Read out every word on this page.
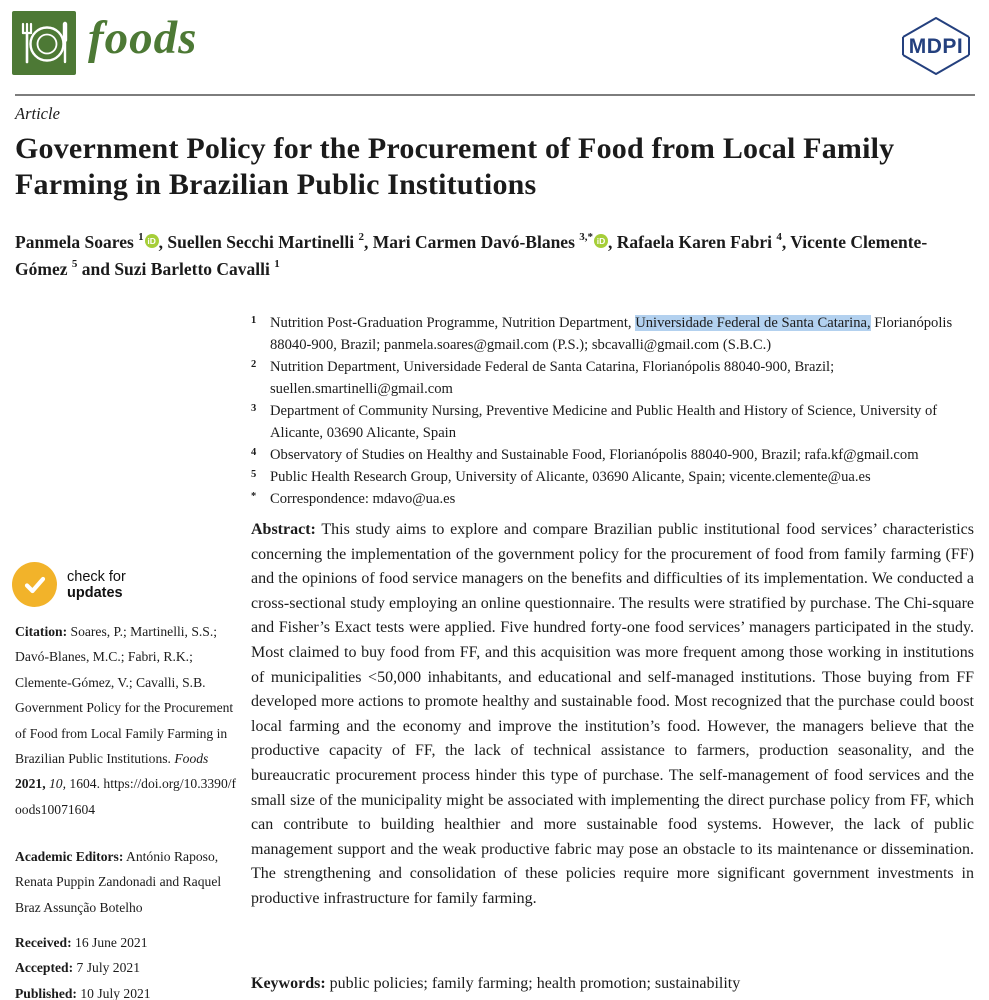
foods	MDPI
Article
Government Policy for the Procurement of Food from Local Family Farming in Brazilian Public Institutions
Panmela Soares $^1$ iD , Suellen Secchi Martinelli $^2$, Mari Carmen Davó-Blanes $^{3,*}$ iD , Rafaela Karen Fabri $^4$, Vicente Clemente-Gómez $^5$ and Suzi Barletto Cavalli $^1$
1 Nutrition Post-Graduation Programme, Nutrition Department, Universidade Federal de Santa Catarina, Florianópolis 88040-900, Brazil; panmela.soares@gmail.com (P.S.); sbcavalli@gmail.com (S.B.C.)
2 Nutrition Department, Universidade Federal de Santa Catarina, Florianópolis 88040-900, Brazil; suellen.smartinelli@gmail.com
3 Department of Community Nursing, Preventive Medicine and Public Health and History of Science, University of Alicante, 03690 Alicante, Spain
4 Observatory of Studies on Healthy and Sustainable Food, Florianópolis 88040-900, Brazil; rafa.kf@gmail.com
5 Public Health Research Group, University of Alicante, 03690 Alicante, Spain; vicente.clemente@ua.es
* Correspondence: mdavo@ua.es

Abstract: This study aims to explore and compare Brazilian public institutional food services’ characteristics concerning the implementation of the government policy for the procurement of food from family farming (FF) and the opinions of food service managers on the benefits and difficulties of its implementation. We conducted a cross-sectional study employing an online questionnaire. The results were stratified by purchase. The Chi-square and Fisher’s Exact tests were applied. Five hundred forty-one food services’ managers participated in the study. Most claimed to buy food from FF, and this acquisition was more frequent among those working in institutions of municipalities <50,000 inhabitants, and educational and self-managed institutions. Those buying from FF developed more actions to promote healthy and sustainable food. Most recognized that the purchase could boost local farming and the economy and improve the institution’s food. However, the managers believe that the productive capacity of FF, the lack of technical assistance to farmers, production seasonality, and the bureaucratic procurement process hinder this type of purchase. The self-management of food services and the small size of the municipality might be associated with implementing the direct purchase policy from FF, which can contribute to building healthier and more sustainable food systems. However, the lack of public management support and the weak productive fabric may pose an obstacle to its maintenance or dissemination. The strengthening and consolidation of these policies require more significant government investments in productive infrastructure for family farming.

Keywords: public policies; family farming; health promotion; sustainability

check for
updates

Citation: Soares, P.; Martinelli, S.S.; Davó-Blanes, M.C.; Fabri, R.K.; Clemente-Gómez, V.; Cavalli, S.B. Government Policy for the Procurement of Food from Local Family Farming in Brazilian Public Institutions. Foods 2021, 10, 1604. https://doi.org/10.3390/foods10071604

Academic Editors: António Raposo, Renata Puppin Zandonadi and Raquel Braz Assunção Botelho

Received: 16 June 2021
Accepted: 7 July 2021
Published: 10 July 2021
